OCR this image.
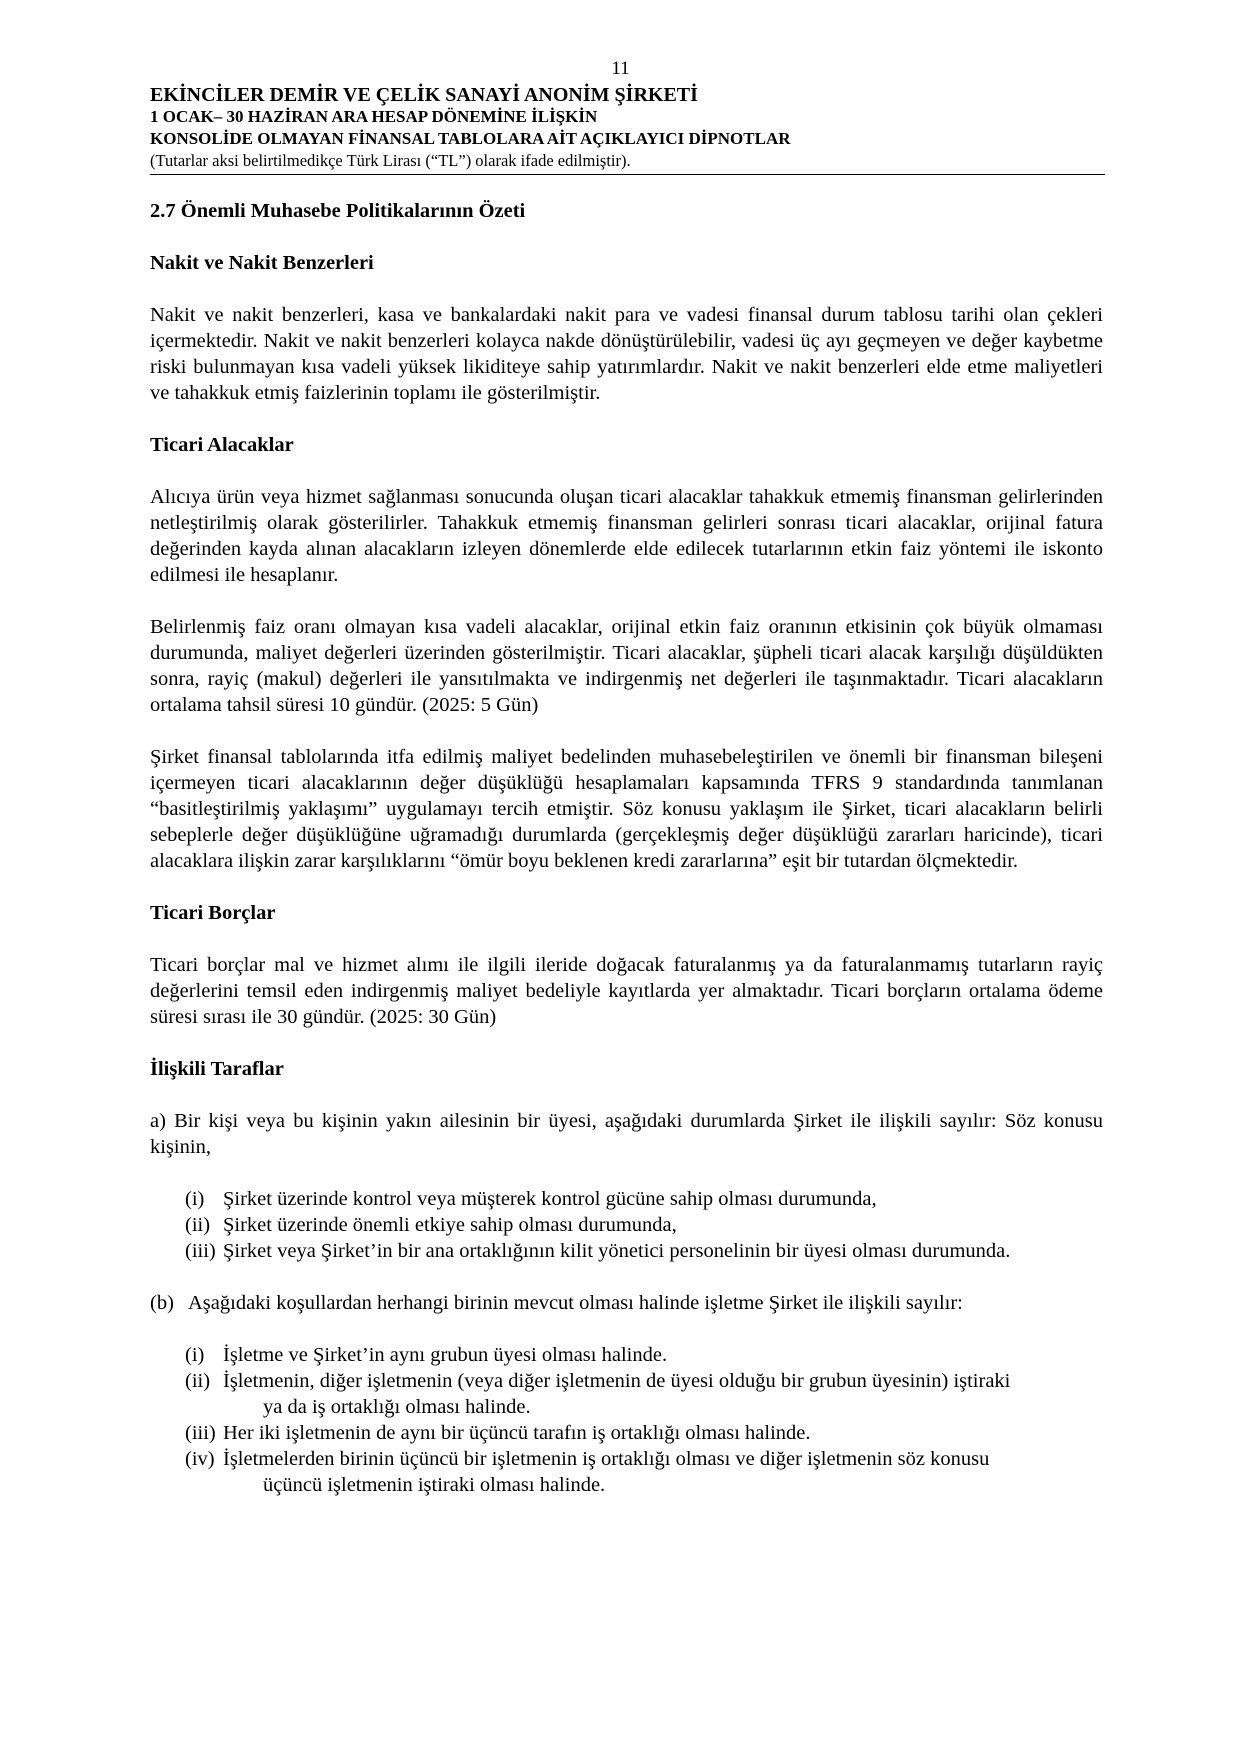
11
EKİNCİLER DEMİR VE ÇELİK SANAYİ ANONİM ŞİRKETİ
1 OCAK– 30 HAZİRAN ARA HESAP DÖNEMİNE İLİŞKİN
KONSOLİDE OLMAYAN FİNANSAL TABLOLARA AİT AÇIKLAYICI DİPNOTLAR
(Tutarlar aksi belirtilmedikçe Türk Lirası (“TL”) olarak ifade edilmiştir).
2.7 Önemli Muhasebe Politikalarının Özeti
Nakit ve Nakit Benzerleri

Nakit ve nakit benzerleri, kasa ve bankalardaki nakit para ve vadesi finansal durum tablosu tarihi olan çekleri içermektedir. Nakit ve nakit benzerleri kolayca nakde dönüştürülebilir, vadesi üç ayı geçmeyen ve değer kaybetme riski bulunmayan kısa vadeli yüksek likiditeye sahip yatırımlardır. Nakit ve nakit benzerleri elde etme maliyetleri ve tahakkuk etmiş faizlerinin toplamı ile gösterilmiştir.

Ticari Alacaklar

Alıcıya ürün veya hizmet sağlanması sonucunda oluşan ticari alacaklar tahakkuk etmemiş finansman gelirlerinden netleştirilmiş olarak gösterilirler. Tahakkuk etmemiş finansman gelirleri sonrası ticari alacaklar, orijinal fatura değerinden kayda alınan alacakların izleyen dönemlerde elde edilecek tutarlarının etkin faiz yöntemi ile iskonto edilmesi ile hesaplanır.

Belirlenmiş faiz oranı olmayan kısa vadeli alacaklar, orijinal etkin faiz oranının etkisinin çok büyük olmaması durumunda, maliyet değerleri üzerinden gösterilmiştir. Ticari alacaklar, şüpheli ticari alacak karşılığı düşüldükten sonra, rayiç (makul) değerleri ile yansıtılmakta ve indirgenmiş net değerleri ile taşınmaktadır. Ticari alacakların ortalama tahsil süresi 10 gündür. (2025: 5 Gün)

Şirket finansal tablolarında itfa edilmiş maliyet bedelinden muhasebeleştirilen ve önemli bir finansman bileşeni içermeyen ticari alacaklarının değer düşüklüğü hesaplamaları kapsamında TFRS 9 standardında tanımlanan “basitleştirilmiş yaklaşımı” uygulamayı tercih etmiştir. Söz konusu yaklaşım ile Şirket, ticari alacakların belirli sebeplerle değer düşüklüğüne uğramadığı durumlarda (gerçekleşmiş değer düşüklüğü zararları haricinde), ticari alacaklara ilişkin zarar karşılıklarını “ömür boyu beklenen kredi zararlarına” eşit bir tutardan ölçmektedir.

Ticari Borçlar

Ticari borçlar mal ve hizmet alımı ile ilgili ileride doğacak faturalanmış ya da faturalanmamış tutarların rayiç değerlerini temsil eden indirgenmiş maliyet bedeliyle kayıtlarda yer almaktadır. Ticari borçların ortalama ödeme süresi sırası ile 30 gündür. (2025: 30 Gün)

İlişkili Taraflar

a) Bir kişi veya bu kişinin yakın ailesinin bir üyesi, aşağıdaki durumlarda Şirket ile ilişkili sayılır: Söz konusu kişinin,

(i) Şirket üzerinde kontrol veya müşterek kontrol gücüne sahip olması durumunda,
(ii) Şirket üzerinde önemli etkiye sahip olması durumunda,
(iii) Şirket veya Şirket’in bir ana ortaklığının kilit yönetici personelinin bir üyesi olması durumunda.
(b) Aşağıdaki koşullardan herhangi birinin mevcut olması halinde işletme Şirket ile ilişkili sayılır:
(i) İşletme ve Şirket’in aynı grubun üyesi olması halinde.
(ii) İşletmenin, diğer işletmenin (veya diğer işletmenin de üyesi olduğu bir grubun üyesinin) iştiraki
ya da iş ortaklığı olması halinde.
(iii) Her iki işletmenin de aynı bir üçüncü tarafın iş ortaklığı olması halinde.
(iv) İşletmelerden birinin üçüncü bir işletmenin iş ortaklığı olması ve diğer işletmenin söz konusu
üçüncü işletmenin iştiraki olması halinde.
